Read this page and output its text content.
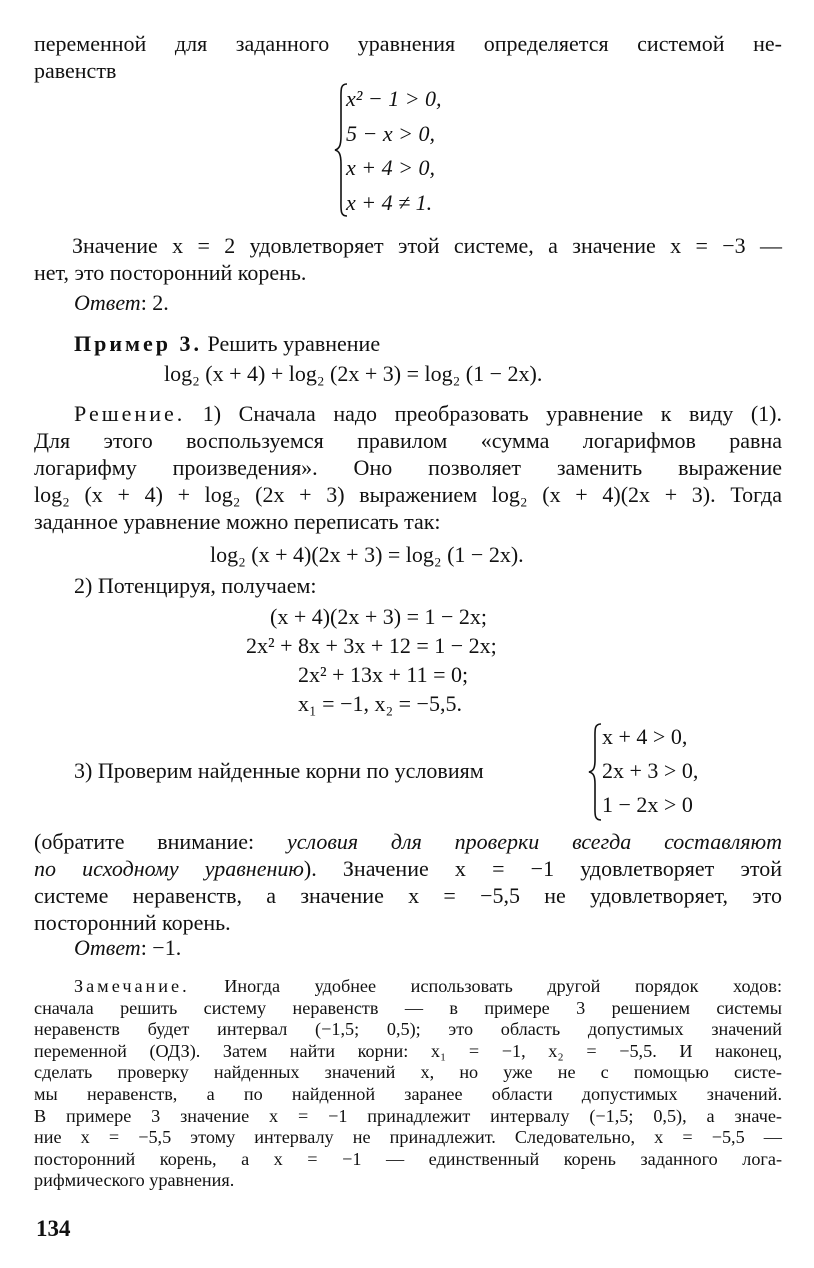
переменной для заданного уравнения определяется системой не-
равенств
x² − 1 > 0,
5 − x > 0,
x + 4 > 0,
x + 4 ≠ 1.
Значение x = 2 удовлетворяет этой системе, а значение x = −3 —
нет, это посторонний корень.
Ответ: 2.
Пример 3. Решить уравнение
log₂ (x + 4) + log₂ (2x + 3) = log₂ (1 − 2x).
Решение. 1) Сначала надо преобразовать уравнение к виду (1).
Для этого воспользуемся правилом «сумма логарифмов равна
логарифму произведения». Оно позволяет заменить выражение
log₂ (x + 4) + log₂ (2x + 3) выражением log₂ (x + 4)(2x + 3). Тогда
заданное уравнение можно переписать так:
log₂ (x + 4)(2x + 3) = log₂ (1 − 2x).
2) Потенцируя, получаем:
(x + 4)(2x + 3) = 1 − 2x;
2x² + 8x + 3x + 12 = 1 − 2x;
2x² + 13x + 11 = 0;
x₁ = −1, x₂ = −5,5.
3) Проверим найденные корни по условиям
x + 4 > 0,
2x + 3 > 0,
1 − 2x > 0
(обратите внимание: условия для проверки всегда составляют
по исходному уравнению). Значение x = −1 удовлетворяет этой
системе неравенств, а значение x = −5,5 не удовлетворяет, это
посторонний корень.
Ответ: −1.
Замечание. Иногда удобнее использовать другой порядок ходов:
сначала решить систему неравенств — в примере 3 решением системы
неравенств будет интервал (−1,5; 0,5); это область допустимых значений
переменной (ОДЗ). Затем найти корни: x₁ = −1, x₂ = −5,5. И наконец,
сделать проверку найденных значений x, но уже не с помощью систе-
мы неравенств, а по найденной заранее области допустимых значений.
В примере 3 значение x = −1 принадлежит интервалу (−1,5; 0,5), а значе-
ние x = −5,5 этому интервалу не принадлежит. Следовательно, x = −5,5 —
посторонний корень, а x = −1 — единственный корень заданного лога-
рифмического уравнения.
134
